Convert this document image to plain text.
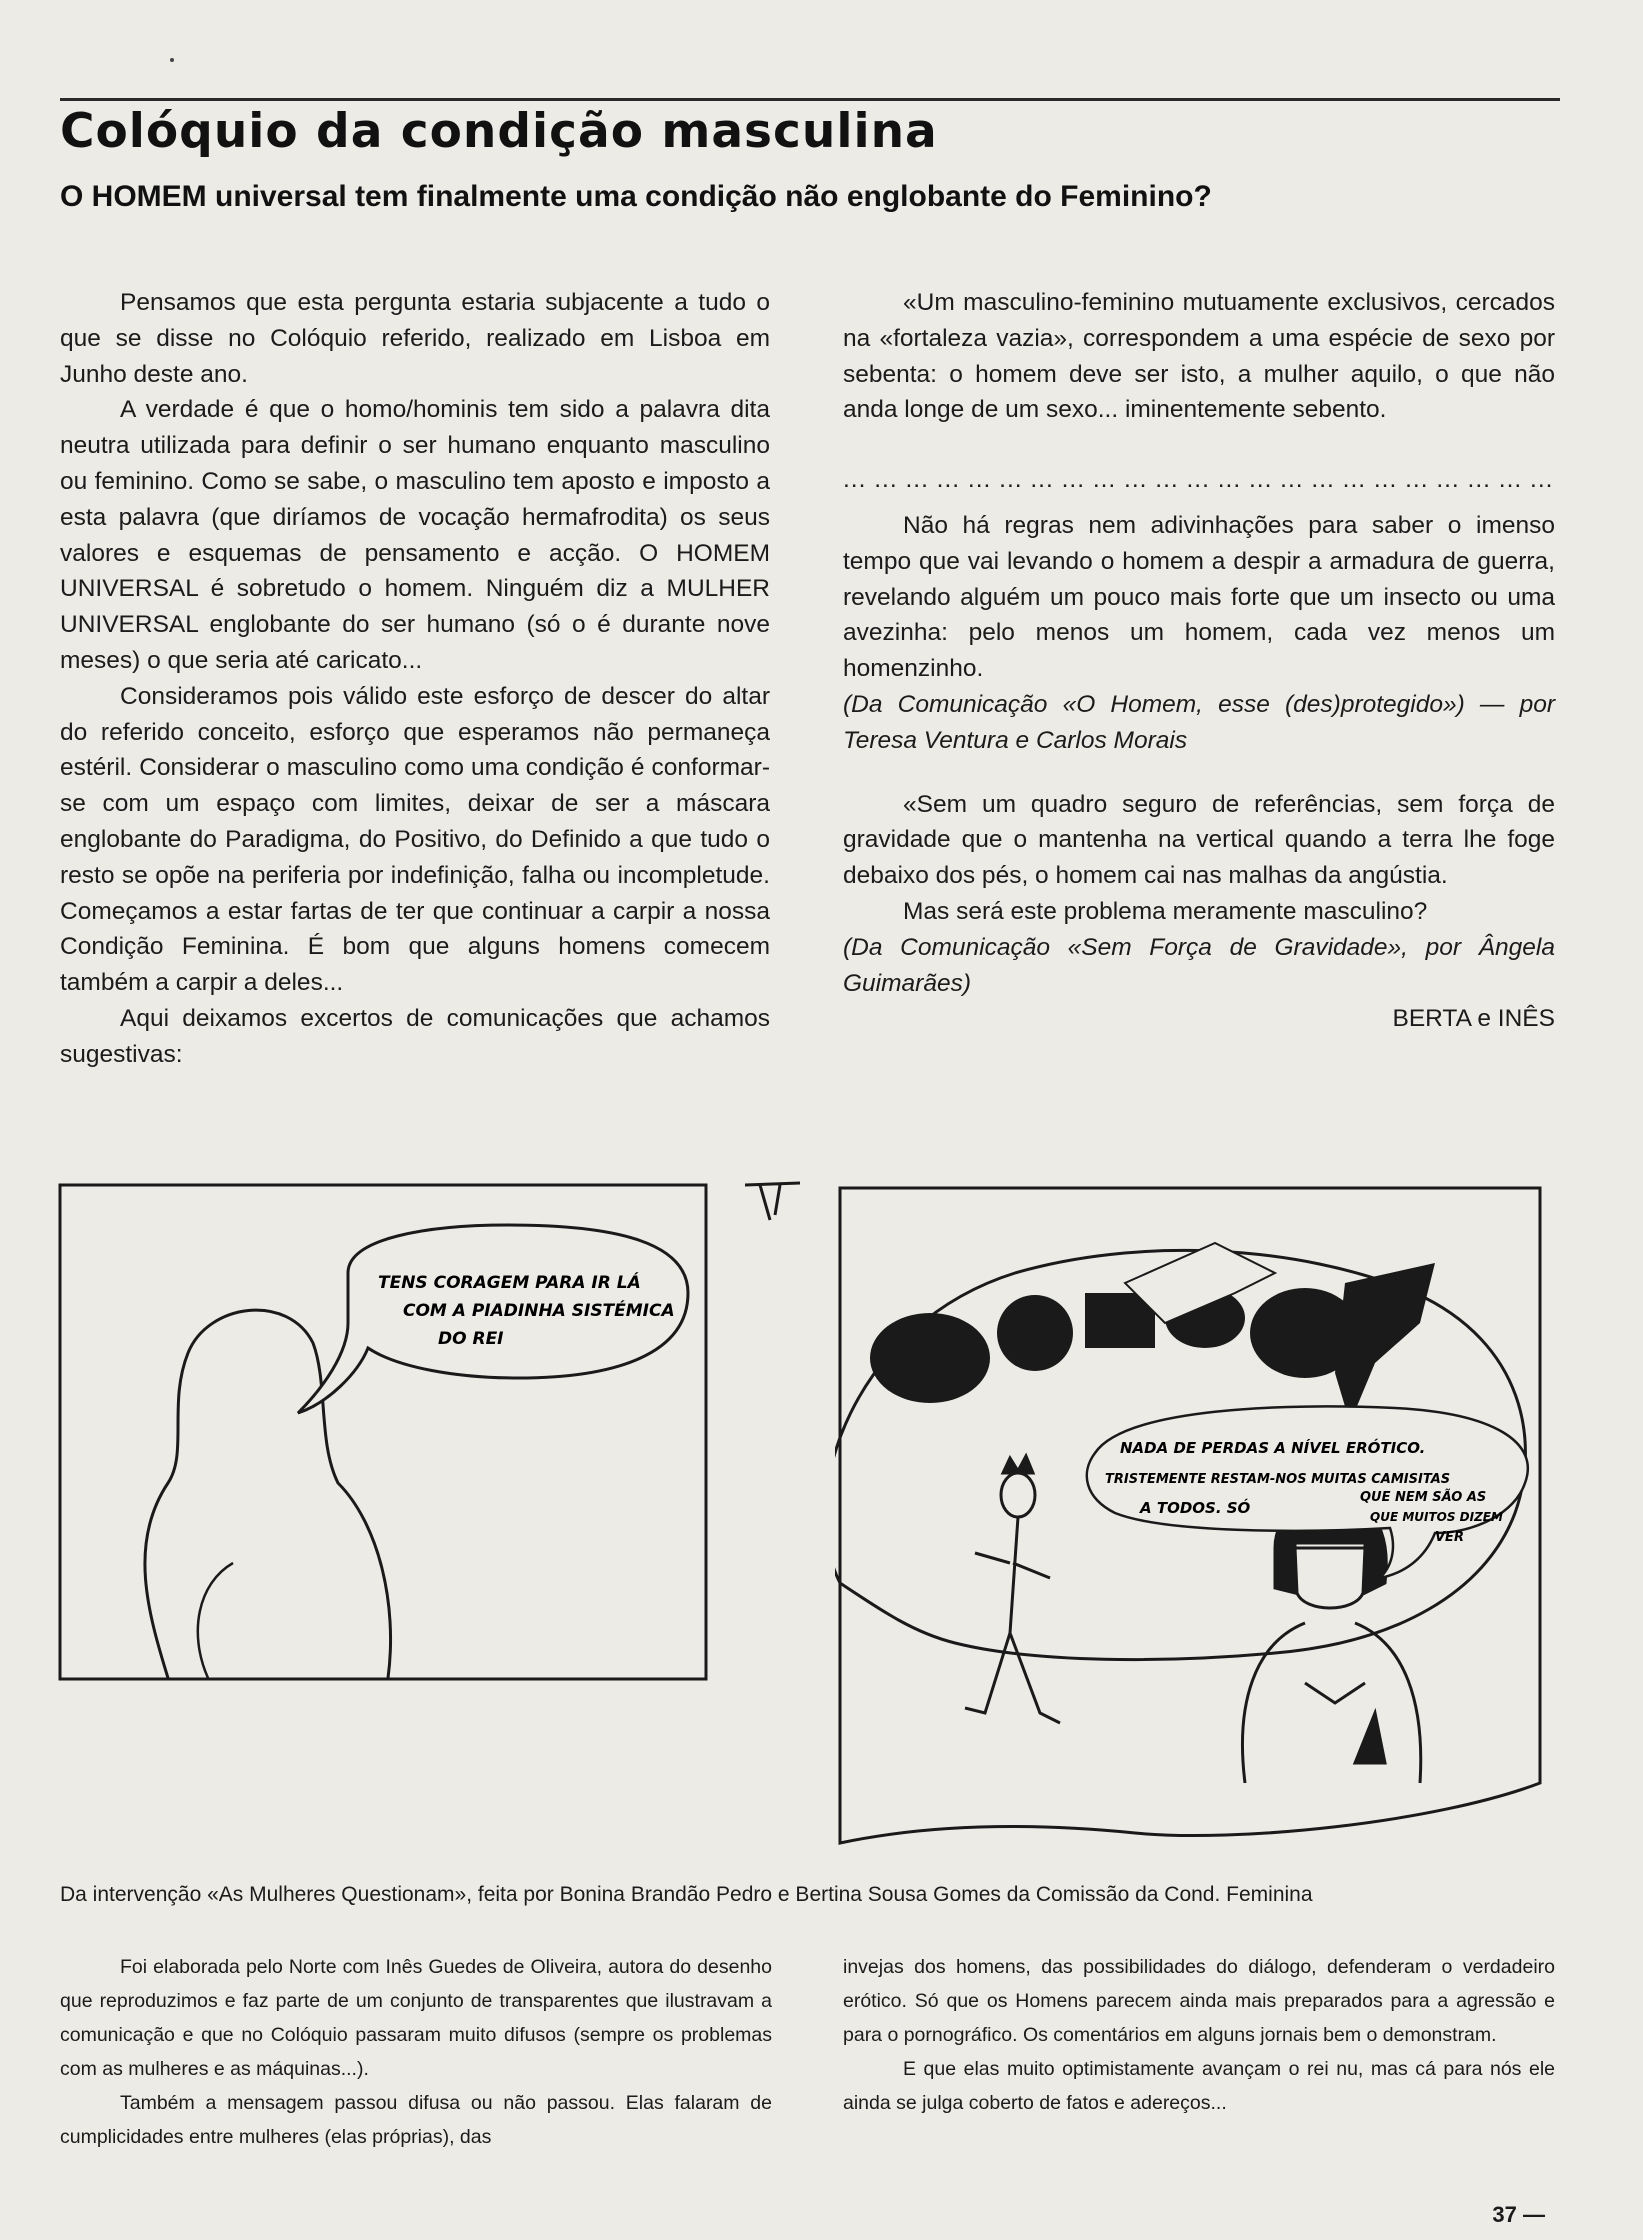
Colóquio da condição masculina
O HOMEM universal tem finalmente uma condição não englobante do Feminino?

Pensamos que esta pergunta estaria subjacente a tudo o que se disse no Colóquio referido, realizado em Lisboa em Junho deste ano.

A verdade é que o homo/hominis tem sido a palavra dita neutra utilizada para definir o ser humano enquanto masculino ou feminino. Como se sabe, o masculino tem aposto e imposto a esta palavra (que diríamos de vocação hermafrodita) os seus valores e esquemas de pensamento e acção. O HOMEM UNIVERSAL é sobretudo o homem. Ninguém diz a MULHER UNIVERSAL englobante do ser humano (só o é durante nove meses) o que seria até caricato...

Consideramos pois válido este esforço de descer do altar do referido conceito, esforço que esperamos não permaneça estéril. Considerar o masculino como uma condição é conformar-se com um espaço com limites, deixar de ser a máscara englobante do Paradigma, do Positivo, do Definido a que tudo o resto se opõe na periferia por indefinição, falha ou incompletude. Começamos a estar fartas de ter que continuar a carpir a nossa Condição Feminina. É bom que alguns homens comecem também a carpir a deles...

Aqui deixamos excertos de comunicações que achamos sugestivas:

«Um masculino-feminino mutuamente exclusivos, cercados na «fortaleza vazia», correspondem a uma espécie de sexo por sebenta: o homem deve ser isto, a mulher aquilo, o que não anda longe de um sexo... iminentemente sebento.

... ... ... ... ... ... ... ... ... ... ... ... ... ... ... ... ... ... ... ... ... ... ...

Não há regras nem adivinhações para saber o imenso tempo que vai levando o homem a despir a armadura de guerra, revelando alguém um pouco mais forte que um insecto ou uma avezinha: pelo menos um homem, cada vez menos um homenzinho.

(Da Comunicação «O Homem, esse (des)protegido») — por Teresa Ventura e Carlos Morais

«Sem um quadro seguro de referências, sem força de gravidade que o mantenha na vertical quando a terra lhe foge debaixo dos pés, o homem cai nas malhas da angústia.

Mas será este problema meramente masculino?

(Da Comunicação «Sem Força de Gravidade», por Ângela Guimarães)

BERTA e INÊS

TENS CORAGEM PARA IR LÁ
COM A PIADINHA SISTÉMICA
DO REI
NADA DE PERDAS A NÍVEL ERÓTICO.
TRISTEMENTE RESTAM-NOS MUITAS CAMISITAS
A TODOS. SÓ
QUE NEM SÃO AS
QUE MUITOS DIZEM
VER
Da intervenção «As Mulheres Questionam», feita por Bonina Brandão Pedro e Bertina Sousa Gomes da Comissão da Cond. Feminina

Foi elaborada pelo Norte com Inês Guedes de Oliveira, autora do desenho que reproduzimos e faz parte de um conjunto de transparentes que ilustravam a comunicação e que no Colóquio passaram muito difusos (sempre os problemas com as mulheres e as máquinas...).

Também a mensagem passou difusa ou não passou. Elas falaram de cumplicidades entre mulheres (elas próprias), das

invejas dos homens, das possibilidades do diálogo, defenderam o verdadeiro erótico. Só que os Homens parecem ainda mais preparados para a agressão e para o pornográfico. Os comentários em alguns jornais bem o demonstram.

E que elas muito optimistamente avançam o rei nu, mas cá para nós ele ainda se julga coberto de fatos e adereços...

37 —
